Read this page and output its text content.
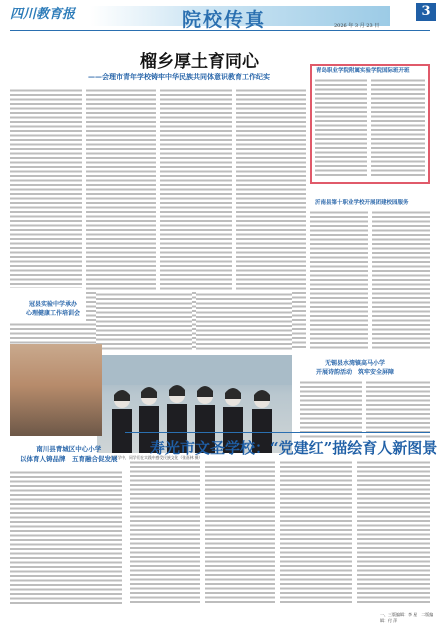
四川教育报	院校传真	2026 年 3 月 23 日
3
榴乡厚土育同心
——会理市青年学校铸牢中华民族共同体意识教育工作纪实
青岛职业学院附属实验学院国际班开班
沂南县第十职业学校开展团建校园服务
无锡县水湾镇高马小学
开展诗韵活动　筑牢安全屏障
冠县实验中学承办
心理健康工作培训会
在研学中，同学们在实践中感受民族文化（张嘉林 摄）
南川县青城区中心小学
以体育人铸品牌　五育融合促发展
寿光市文圣学校：“党建红”描绘育人新图景
一、三版编辑：李 星　二版编辑：付 萍
